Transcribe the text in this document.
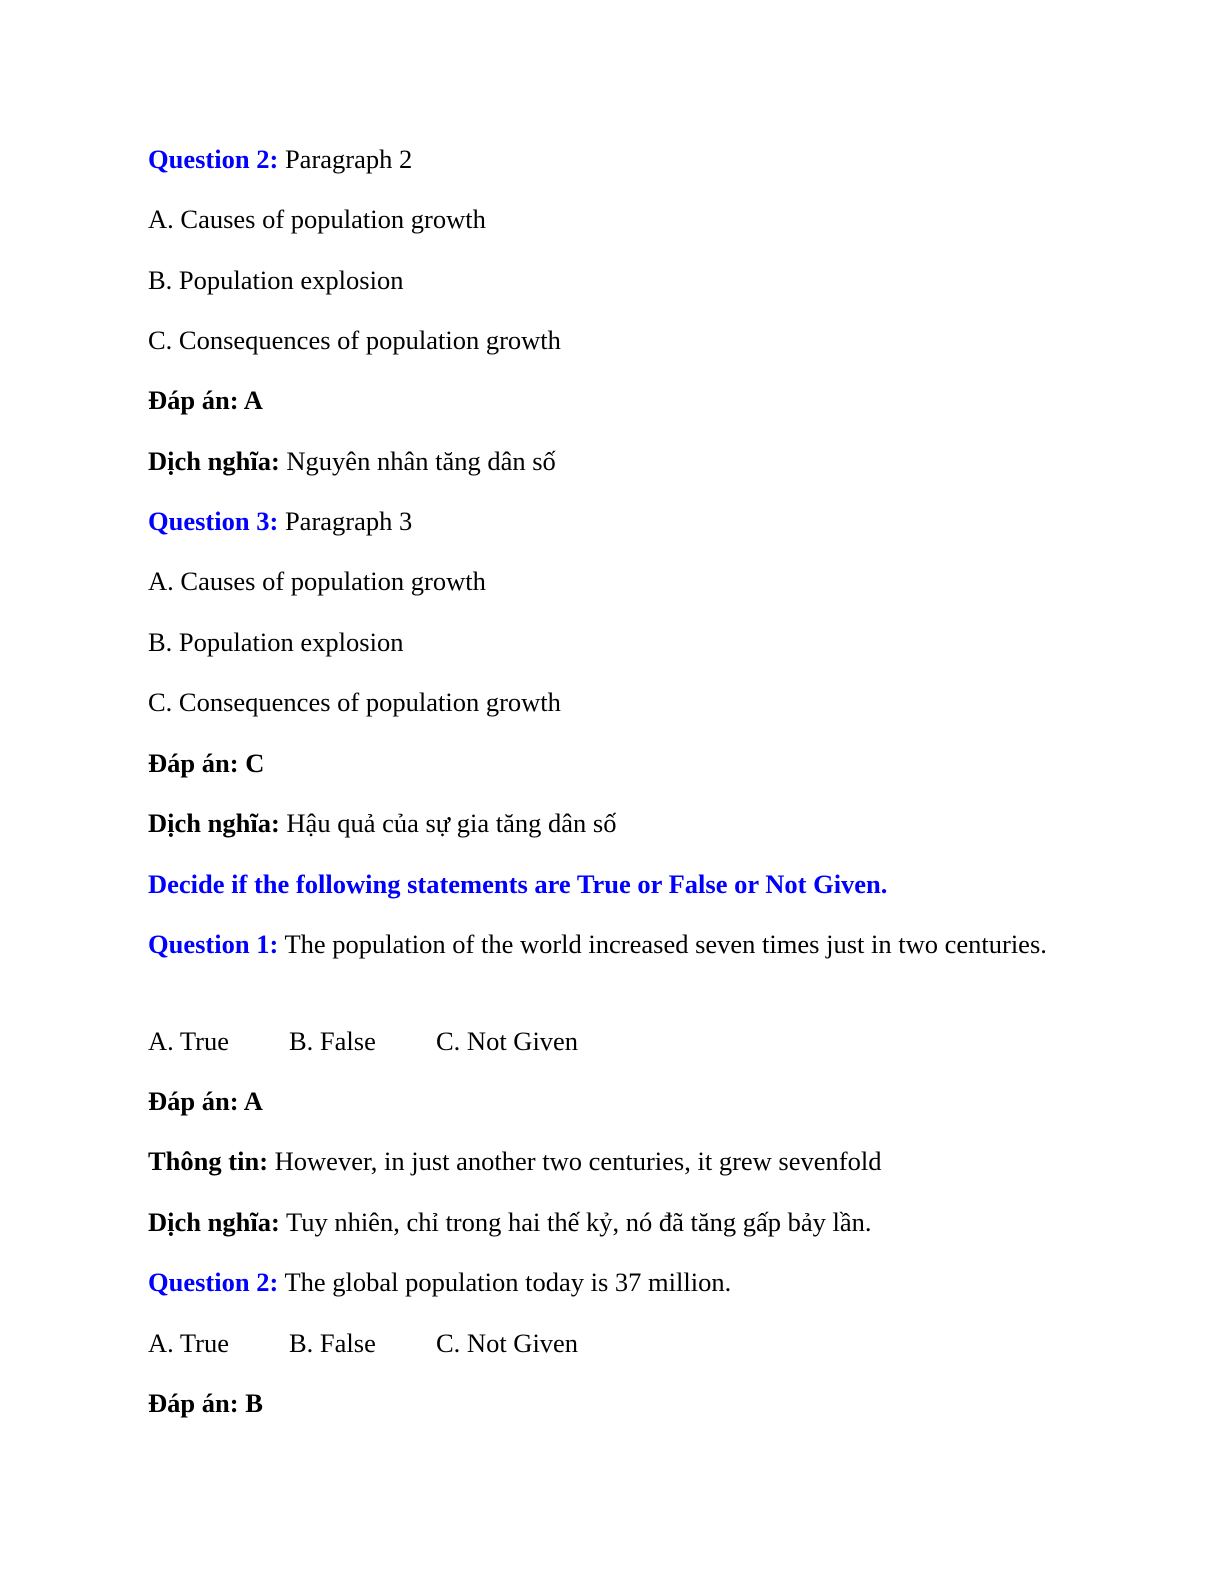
Question 2: Paragraph 2
A. Causes of population growth
B. Population explosion
C. Consequences of population growth
Đáp án: A
Dịch nghĩa: Nguyên nhân tăng dân số
Question 3: Paragraph 3
A. Causes of population growth
B. Population explosion
C. Consequences of population growth
Đáp án: C
Dịch nghĩa: Hậu quả của sự gia tăng dân số
Decide if the following statements are True or False or Not Given.
Question 1: The population of the world increased seven times just in two centuries.
A. True B. False C. Not Given
Đáp án: A
Thông tin: However, in just another two centuries, it grew sevenfold
Dịch nghĩa: Tuy nhiên, chỉ trong hai thế kỷ, nó đã tăng gấp bảy lần.
Question 2: The global population today is 37 million.
A. True B. False C. Not Given
Đáp án: B
